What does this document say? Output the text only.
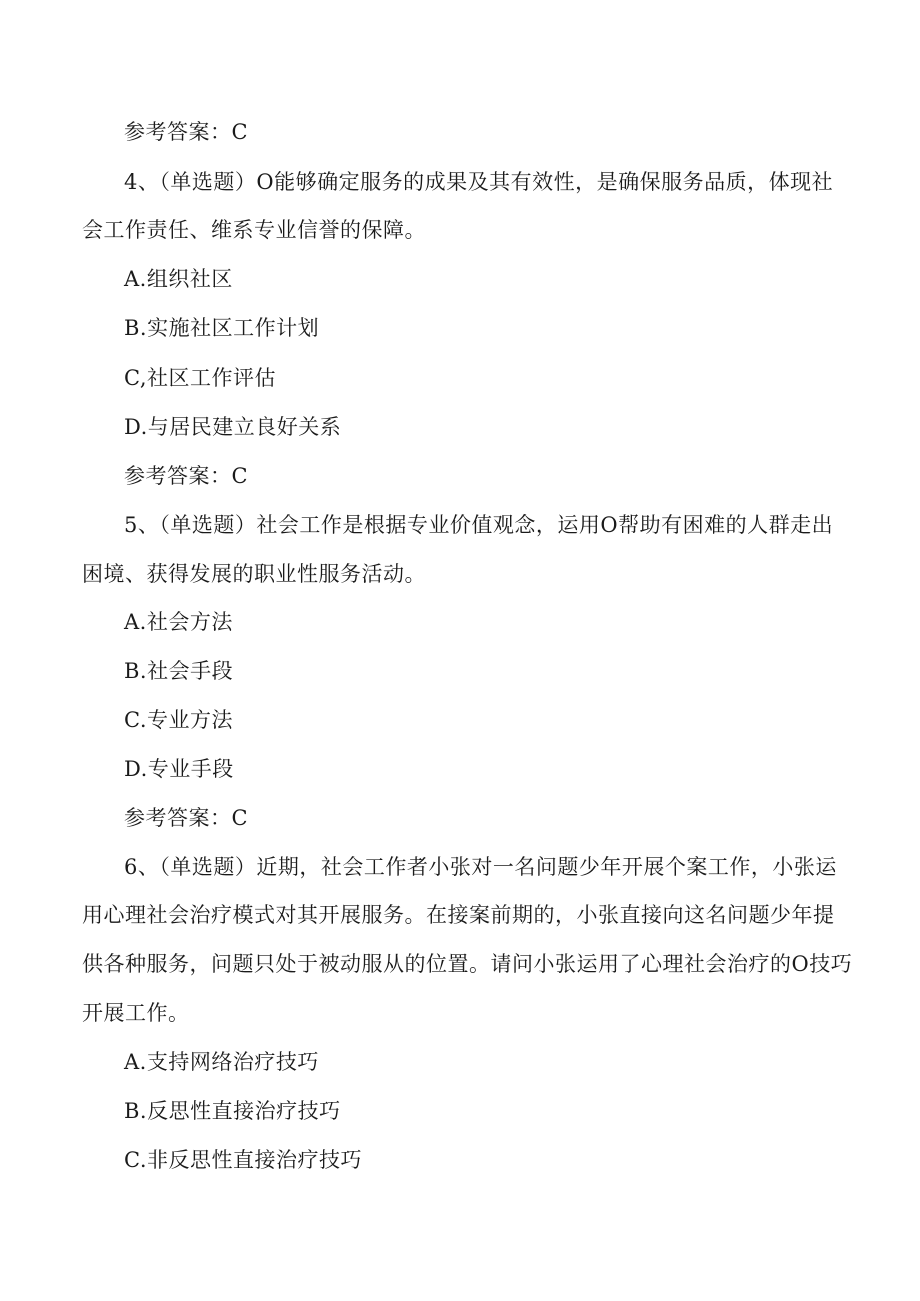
参考答案：C
4、（单选题）O能够确定服务的成果及其有效性，是确保服务品质，体现社
会工作责任、维系专业信誉的保障。
A.组织社区
B.实施社区工作计划
C,社区工作评估
D.与居民建立良好关系
参考答案：C
5、（单选题）社会工作是根据专业价值观念，运用O帮助有困难的人群走出
困境、获得发展的职业性服务活动。
A.社会方法
B.社会手段
C.专业方法
D.专业手段
参考答案：C
6、（单选题）近期，社会工作者小张对一名问题少年开展个案工作，小张运
用心理社会治疗模式对其开展服务。在接案前期的，小张直接向这名问题少年提
供各种服务，问题只处于被动服从的位置。请问小张运用了心理社会治疗的O技巧
开展工作。
A.支持网络治疗技巧
B.反思性直接治疗技巧
C.非反思性直接治疗技巧
